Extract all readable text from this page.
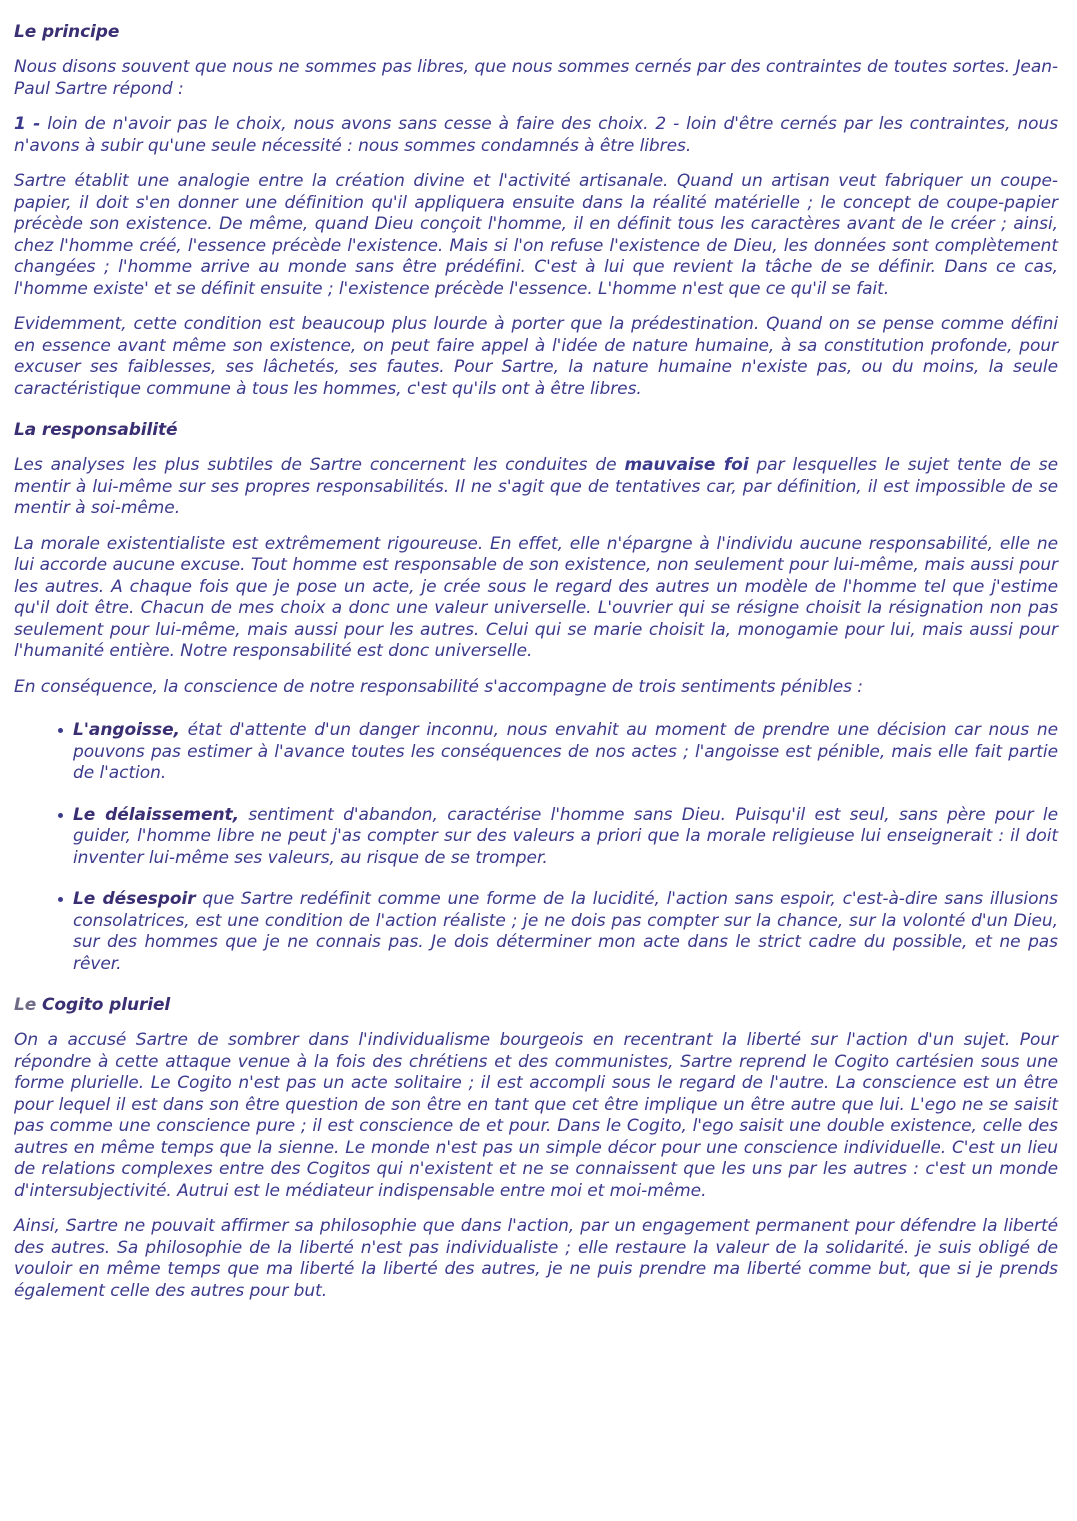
Le principe

Nous disons souvent que nous ne sommes pas libres, que nous sommes cernés par des contraintes de toutes sortes. Jean-Paul Sartre répond :

1 - loin de n'avoir pas le choix, nous avons sans cesse à faire des choix. 2 - loin d'être cernés par les contraintes, nous n'avons à subir qu'une seule nécessité : nous sommes condamnés à être libres.

Sartre établit une analogie entre la création divine et l'activité artisanale. Quand un artisan veut fabriquer un coupe-papier, il doit s'en donner une définition qu'il appliquera ensuite dans la réalité matérielle ; le concept de coupe-papier précède son existence. De même, quand Dieu conçoit l'homme, il en définit tous les caractères avant de le créer ; ainsi, chez l'homme créé, l'essence précède l'existence. Mais si l'on refuse l'existence de Dieu, les données sont complètement changées ; l'homme arrive au monde sans être prédéfini. C'est à lui que revient la tâche de se définir. Dans ce cas, l'homme existe' et se définit ensuite ; l'existence précède l'essence. L'homme n'est que ce qu'il se fait.

Evidemment, cette condition est beaucoup plus lourde à porter que la prédestination. Quand on se pense comme défini en essence avant même son existence, on peut faire appel à l'idée de nature humaine, à sa constitution profonde, pour excuser ses faiblesses, ses lâchetés, ses fautes. Pour Sartre, la nature humaine n'existe pas, ou du moins, la seule caractéristique commune à tous les hommes, c'est qu'ils ont à être libres.

La responsabilité

Les analyses les plus subtiles de Sartre concernent les conduites de mauvaise foi par lesquelles le sujet tente de se mentir à lui-même sur ses propres responsabilités. Il ne s'agit que de tentatives car, par définition, il est impossible de se mentir à soi-même.

La morale existentialiste est extrêmement rigoureuse. En effet, elle n'épargne à l'individu aucune responsabilité, elle ne lui accorde aucune excuse. Tout homme est responsable de son existence, non seulement pour lui-même, mais aussi pour les autres. A chaque fois que je pose un acte, je crée sous le regard des autres un modèle de l'homme tel que j'estime qu'il doit être. Chacun de mes choix a donc une valeur universelle. L'ouvrier qui se résigne choisit la résignation non pas seulement pour lui-même, mais aussi pour les autres. Celui qui se marie choisit la, monogamie pour lui, mais aussi pour l'humanité entière. Notre responsabilité est donc universelle.

En conséquence, la conscience de notre responsabilité s'accompagne de trois sentiments pénibles :

L'angoisse, état d'attente d'un danger inconnu, nous envahit au moment de prendre une décision car nous ne pouvons pas estimer à l'avance toutes les conséquences de nos actes ; l'angoisse est pénible, mais elle fait partie de l'action.
Le délaissement, sentiment d'abandon, caractérise l'homme sans Dieu. Puisqu'il est seul, sans père pour le guider, l'homme libre ne peut j'as compter sur des valeurs a priori que la morale religieuse lui enseignerait : il doit inventer lui-même ses valeurs, au risque de se tromper.
Le désespoir que Sartre redéfinit comme une forme de la lucidité, l'action sans espoir, c'est-à-dire sans illusions consolatrices, est une condition de l'action réaliste ; je ne dois pas compter sur la chance, sur la volonté d'un Dieu, sur des hommes que je ne connais pas. Je dois déterminer mon acte dans le strict cadre du possible, et ne pas rêver.
Le Cogito pluriel

On a accusé Sartre de sombrer dans l'individualisme bourgeois en recentrant la liberté sur l'action d'un sujet. Pour répondre à cette attaque venue à la fois des chrétiens et des communistes, Sartre reprend le Cogito cartésien sous une forme plurielle. Le Cogito n'est pas un acte solitaire ; il est accompli sous le regard de l'autre. La conscience est un être pour lequel il est dans son être question de son être en tant que cet être implique un être autre que lui. L'ego ne se saisit pas comme une conscience pure ; il est conscience de et pour. Dans le Cogito, l'ego saisit une double existence, celle des autres en même temps que la sienne. Le monde n'est pas un simple décor pour une conscience individuelle. C'est un lieu de relations complexes entre des Cogitos qui n'existent et ne se connaissent que les uns par les autres : c'est un monde d'intersubjectivité. Autrui est le médiateur indispensable entre moi et moi-même.

Ainsi, Sartre ne pouvait affirmer sa philosophie que dans l'action, par un engagement permanent pour défendre la liberté des autres. Sa philosophie de la liberté n'est pas individualiste ; elle restaure la valeur de la solidarité. je suis obligé de vouloir en même temps que ma liberté la liberté des autres, je ne puis prendre ma liberté comme but, que si je prends également celle des autres pour but.
